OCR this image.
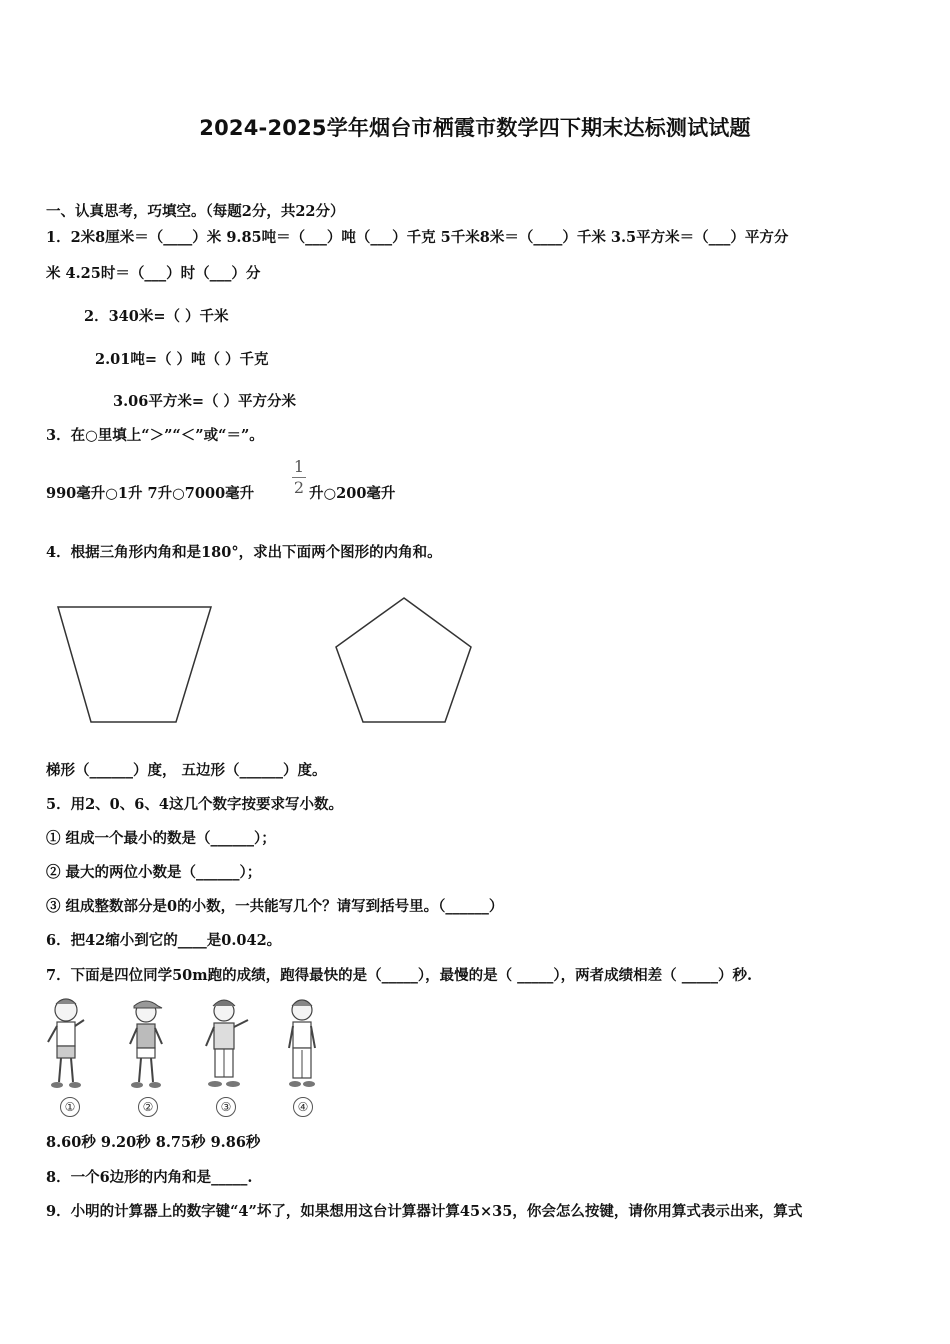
2024-2025学年烟台市栖霞市数学四下期末达标测试试题
一、认真思考，巧填空。（每题2分，共22分）
1．2米8厘米＝（____）米 9.85吨＝（___）吨（___）千克 5千米8米＝（____）千米 3.5平方米＝（___）平方分
米 4.25时＝（___）时（___）分
2．340米=（ ）千米
2.01吨=（ ）吨（ ）千克
3.06平方米=（ ）平方分米
3．在○里填上“＞”“＜”或“＝”。
990毫升○1升 7升○7000毫升
1
2 升○200毫升
4．根据三角形内角和是180°，求出下面两个图形的内角和。
梯形（______）度， 五边形（______）度。
5．用2、0、6、4这几个数字按要求写小数。
① 组成一个最小的数是（______）；
② 最大的两位小数是（______）；
③ 组成整数部分是0的小数，一共能写几个？请写到括号里。（______）
6．把42缩小到它的____是0.042。
7．下面是四位同学50m跑的成绩，跑得最快的是（_____），最慢的是（ _____），两者成绩相差（ _____）秒.
①	②	③	④
8.60秒 9.20秒 8.75秒 9.86秒
8．一个6边形的内角和是_____.
9．小明的计算器上的数字键“4”坏了，如果想用这台计算器计算45×35，你会怎么按键，请你用算式表示出来，算式
